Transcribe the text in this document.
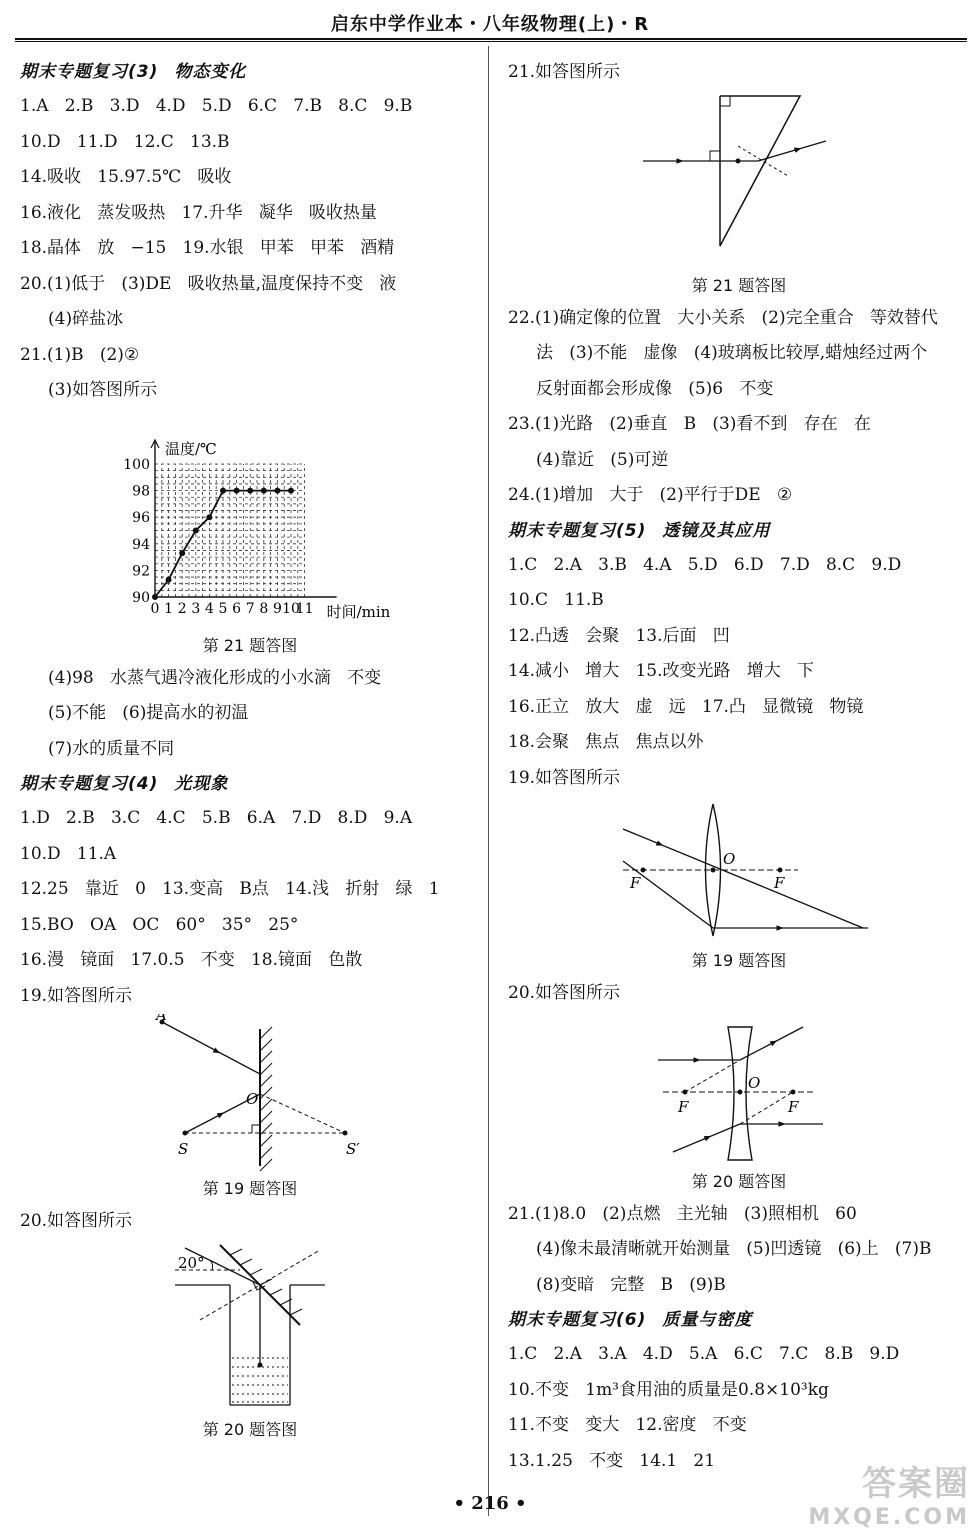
启东中学作业本・八年级物理(上)・R
期末专题复习(3) 物态变化
1.A   2.B   3.D   4.D   5.D   6.C   7.B   8.C   9.B
10.D   11.D   12.C   13.B
14.吸收   15.97.5℃   吸收
16.液化   蒸发吸热   17.升华   凝华   吸收热量
18.晶体   放   −15   19.水银   甲苯   甲苯   酒精
20.(1)低于   (3)DE   吸收热量,温度保持不变   液
(4)碎盐冰
21.(1)B   (2)②
(3)如答图所示
0 1 2 3 4 5 6 7 8 9 10
11
90
92
94
96
98
100
温度/℃
时间/min
第 21 题答图
(4)98   水蒸气遇冷液化形成的小水滴   不变
(5)不能   (6)提高水的初温
(7)水的质量不同
期末专题复习(4) 光现象
1.D   2.B   3.C   4.C   5.B   6.A   7.D   8.D   9.A
10.D   11.A
12.25   靠近   0   13.变高   B点   14.浅   折射   绿   1
15.BO   OA   OC   60°   35°   25°
16.漫   镜面   17.0.5   不变   18.镜面   色散
19.如答图所示
A
O
S	S′
第 19 题答图
20.如答图所示
20°
第 20 题答图
21.如答图所示
第 21 题答图
22.(1)确定像的位置   大小关系   (2)完全重合   等效替代
法   (3)不能   虚像   (4)玻璃板比较厚,蜡烛经过两个
反射面都会形成像   (5)6   不变
23.(1)光路   (2)垂直   B   (3)看不到   存在   在
(4)靠近   (5)可逆
24.(1)增加   大于   (2)平行于DE   ②
期末专题复习(5) 透镜及其应用
1.C   2.A   3.B   4.A   5.D   6.D   7.D   8.C   9.D
10.C   11.B
12.凸透   会聚   13.后面   凹
14.减小   增大   15.改变光路   增大   下
16.正立   放大   虚   远   17.凸   显微镜   物镜
18.会聚   焦点   焦点以外
19.如答图所示
O
F	F
第 19 题答图
20.如答图所示
O
F	F
第 20 题答图
21.(1)8.0   (2)点燃   主光轴   (3)照相机   60
(4)像未最清晰就开始测量   (5)凹透镜   (6)上   (7)B
(8)变暗   完整   B   (9)B
期末专题复习(6) 质量与密度
1.C   2.A   3.A   4.D   5.A   6.C   7.C   8.B   9.D
10.不变   1m³食用油的质量是0.8×10³kg
11.不变   变大   12.密度   不变
13.1.25   不变   14.1   21
• 216 •	答案圈
MXQE.COM
